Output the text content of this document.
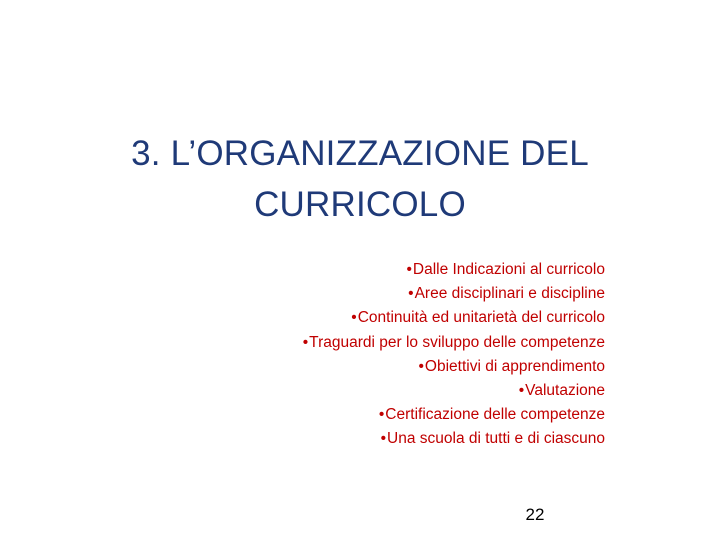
3. L’ORGANIZZAZIONE DEL
CURRICOLO
•Dalle Indicazioni al curricolo
•Aree disciplinari e discipline
•Continuità ed unitarietà del curricolo
•Traguardi per lo sviluppo delle competenze
•Obiettivi di apprendimento
•Valutazione
•Certificazione delle competenze
•Una scuola di tutti e di ciascuno
22
